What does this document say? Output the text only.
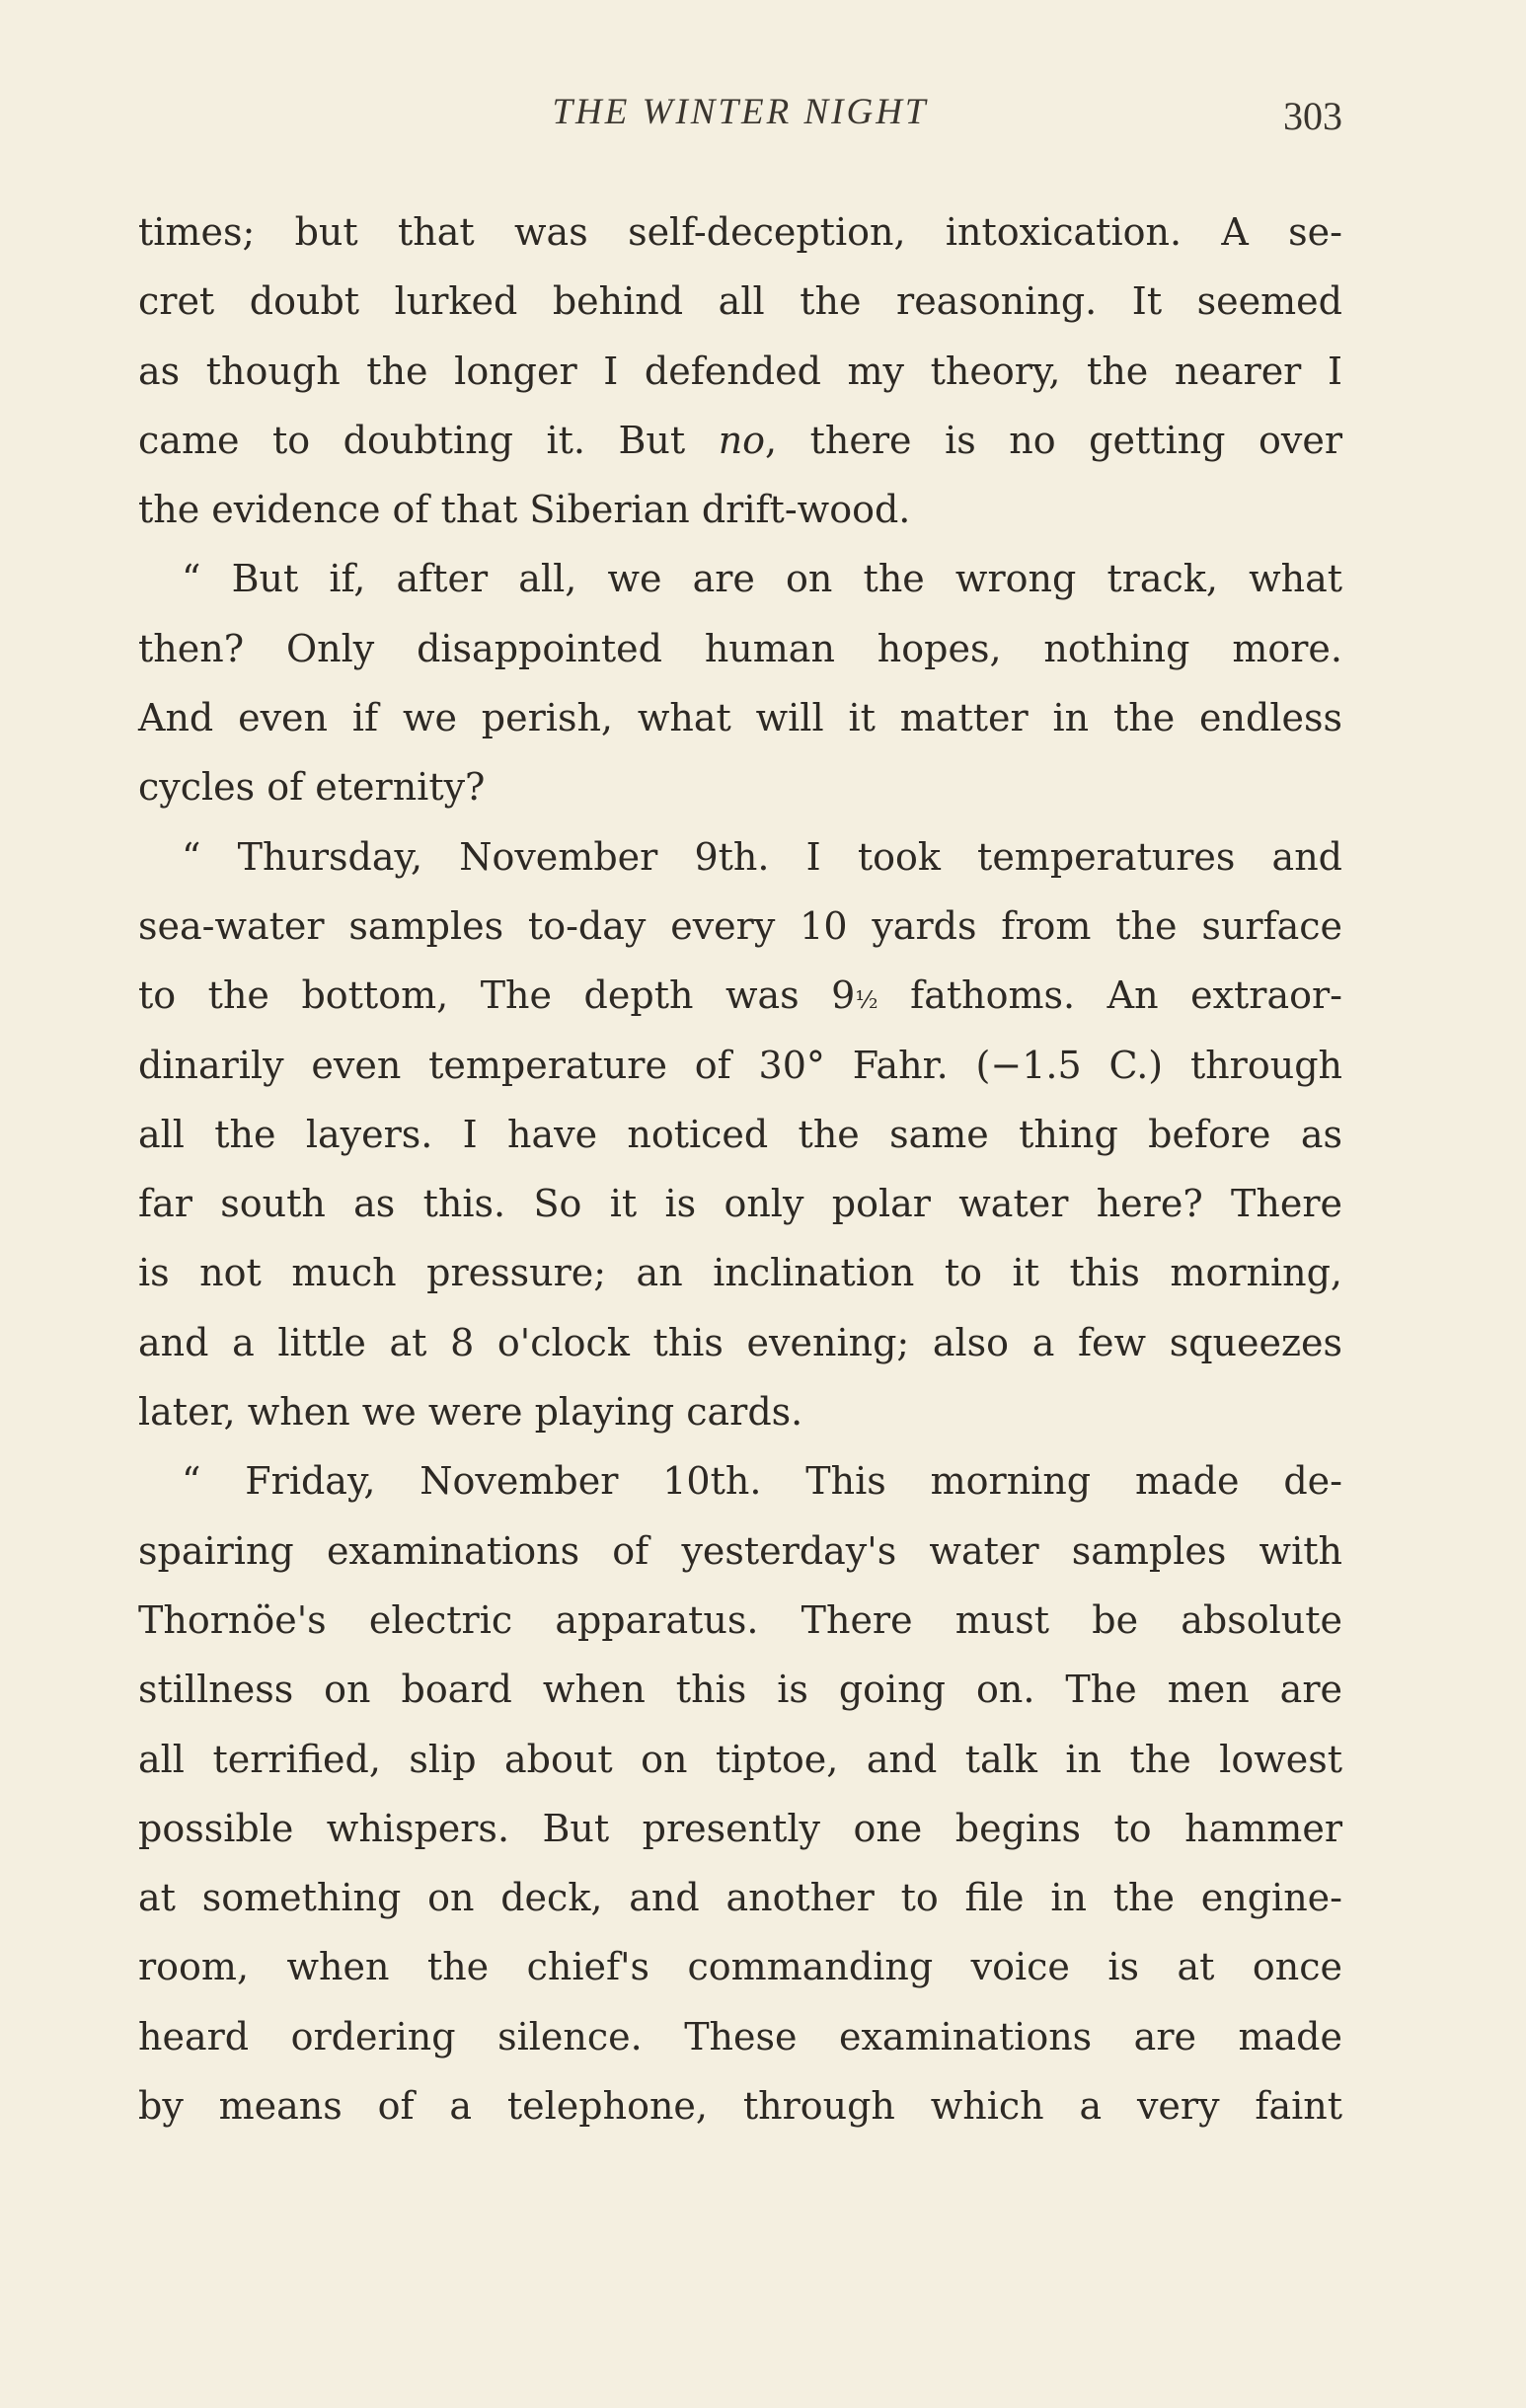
THE WINTER NIGHT	303
times; but that was self-deception, intoxication. A se-
cret doubt lurked behind all the reasoning. It seemed
as though the longer I defended my theory, the nearer I
came to doubting it. But no, there is no getting over
the evidence of that Siberian drift-wood.
“ But if, after all, we are on the wrong track, what
then? Only disappointed human hopes, nothing more.
And even if we perish, what will it matter in the endless
cycles of eternity?
“ Thursday, November 9th. I took temperatures and
sea-water samples to-day every 10 yards from the surface
to the bottom, The depth was 9½ fathoms. An extraor-
dinarily even temperature of 30° Fahr. (−1.5 C.) through
all the layers. I have noticed the same thing before as
far south as this. So it is only polar water here? There
is not much pressure; an inclination to it this morning,
and a little at 8 o'clock this evening; also a few squeezes
later, when we were playing cards.
“ Friday, November 10th. This morning made de-
spairing examinations of yesterday's water samples with
Thornöe's electric apparatus. There must be absolute
stillness on board when this is going on. The men are
all terrified, slip about on tiptoe, and talk in the lowest
possible whispers. But presently one begins to hammer
at something on deck, and another to file in the engine-
room, when the chief's commanding voice is at once
heard ordering silence. These examinations are made
by means of a telephone, through which a very faint
